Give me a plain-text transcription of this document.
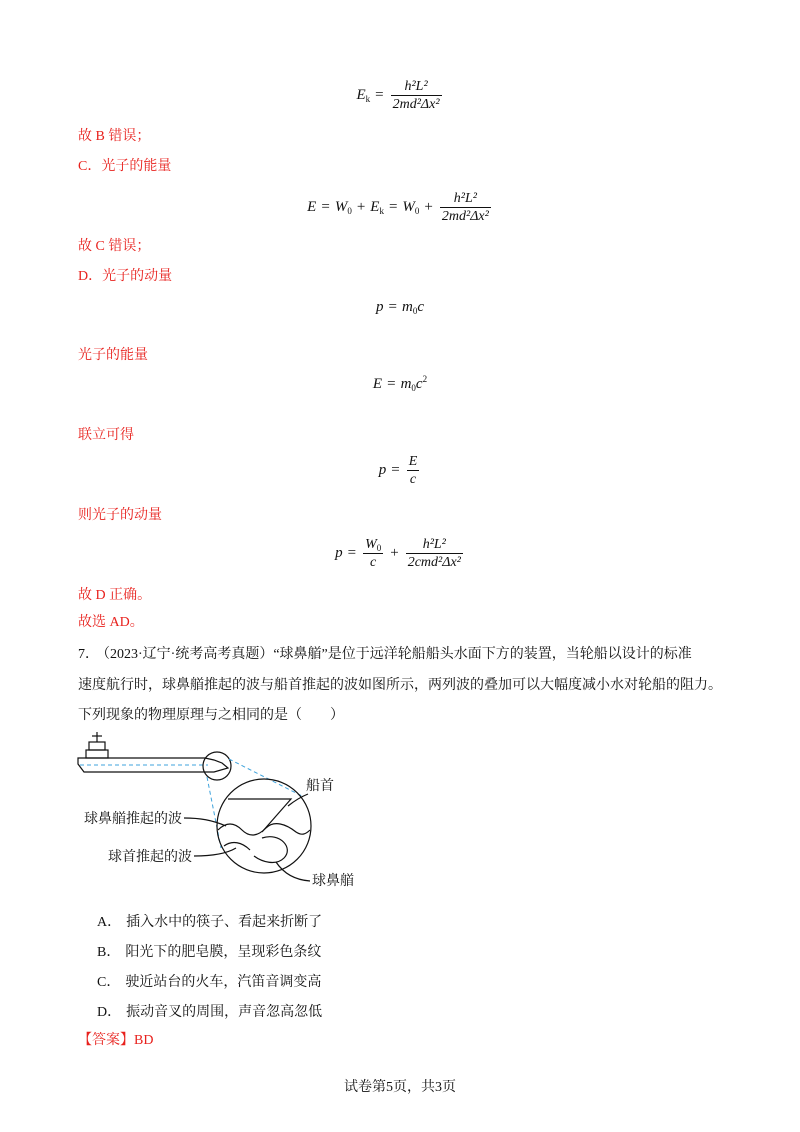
$E_k = \frac{\text{h²L²}}{\text{2md²Δx²}}$
故 B 错误；
C．光子的能量
$E = W_0 + E_k = W_0 + \frac{\text{h²L²}}{\text{2md²Δx²}}$
故 C 错误；
D．光子的动量
$p = m_0c$
光子的能量
$E = m_0c^2$
联立可得
$p = \frac{E}{c}$
则光子的动量
$p = \frac{W_0}{c} + \frac{\text{h²L²}}{\text{2cmd²Δx²}}$
故 D 正确。
故选 AD。
7． （2023·辽宁·统考高考真题）“球鼻艏”是位于远洋轮船船头水面下方的装置，当轮船以设计的标准
速度航行时，球鼻艏推起的波与船首推起的波如图所示，两列波的叠加可以大幅度减小水对轮船的阻力。
下列现象的物理原理与之相同的是（　　）
船首
球鼻艏推起的波
球首推起的波
球鼻艏
A． 插入水中的筷子、看起来折断了
B． 阳光下的肥皂膜，呈现彩色条纹
C． 驶近站台的火车，汽笛音调变高
D． 振动音叉的周围，声音忽高忽低
【答案】BD
试卷第5页，共3页
